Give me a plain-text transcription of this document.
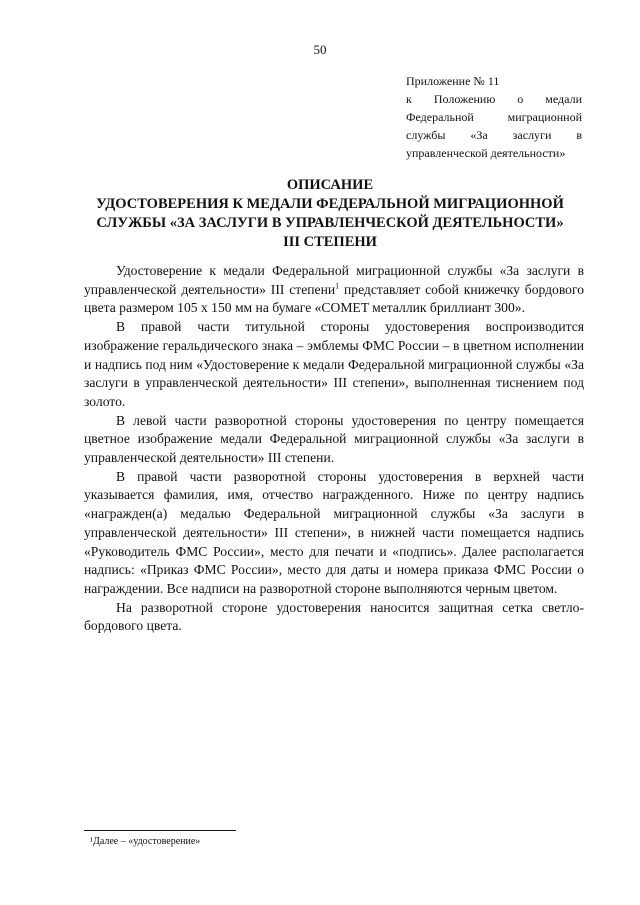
50
Приложение № 11
к Положению о медали Федеральной миграционной службы «За заслуги в управленческой деятельности»
ОПИСАНИЕ
УДОСТОВЕРЕНИЯ К МЕДАЛИ ФЕДЕРАЛЬНОЙ МИГРАЦИОННОЙ
СЛУЖБЫ «ЗА ЗАСЛУГИ В УПРАВЛЕНЧЕСКОЙ ДЕЯТЕЛЬНОСТИ»
III СТЕПЕНИ

Удостоверение к медали Федеральной миграционной службы «За заслуги в управленческой деятельности» III степени$^1$ представляет собой книжечку бордового цвета размером 105 х 150 мм на бумаге «COMET металлик бриллиант 300».

В правой части титульной стороны удостоверения воспроизводится изображение геральдического знака – эмблемы ФМС России – в цветном исполнении и надпись под ним «Удостоверение к медали Федеральной миграционной службы «За заслуги в управленческой деятельности» III степени», выполненная тиснением под золото.

В левой части разворотной стороны удостоверения по центру помещается цветное изображение медали Федеральной миграционной службы «За заслуги в управленческой деятельности» III степени.

В правой части разворотной стороны удостоверения в верхней части указывается фамилия, имя, отчество награжденного. Ниже по центру надпись «награжден(а) медалью Федеральной миграционной службы «За заслуги в управленческой деятельности» III степени», в нижней части помещается надпись «Руководитель ФМС России», место для печати и «подпись». Далее располагается надпись: «Приказ ФМС России», место для даты и номера приказа ФМС России о награждении. Все надписи на разворотной стороне выполняются черным цветом.

На разворотной стороне удостоверения наносится защитная сетка светло-бордового цвета.

¹Далее – «удостоверение»
